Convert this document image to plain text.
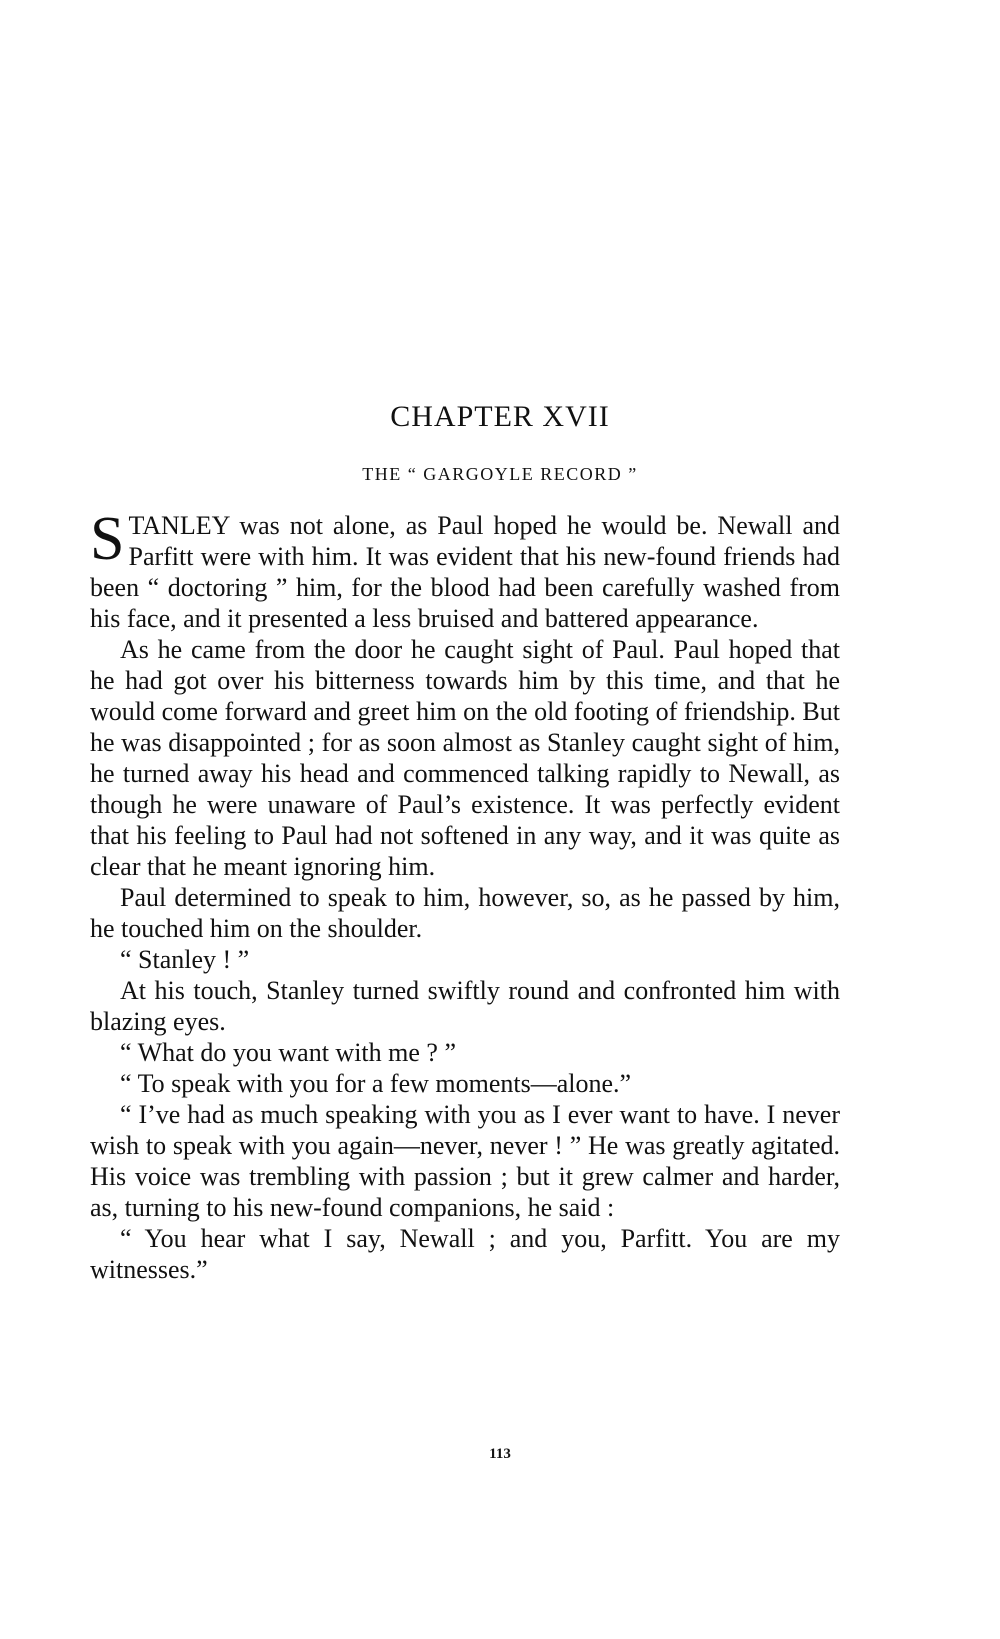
CHAPTER XVII
THE “ GARGOYLE RECORD ”

STANLEY was not alone, as Paul hoped he would be. Newall and Parfitt were with him. It was evident that his new-found friends had been “ doctoring ” him, for the blood had been carefully washed from his face, and it presented a less bruised and battered appearance.

As he came from the door he caught sight of Paul. Paul hoped that he had got over his bitterness towards him by this time, and that he would come forward and greet him on the old footing of friendship. But he was disappointed ; for as soon almost as Stanley caught sight of him, he turned away his head and commenced talking rapidly to Newall, as though he were unaware of Paul’s existence. It was perfectly evident that his feeling to Paul had not softened in any way, and it was quite as clear that he meant ignoring him.

Paul determined to speak to him, however, so, as he passed by him, he touched him on the shoulder.

“ Stanley ! ”

At his touch, Stanley turned swiftly round and confronted him with blazing eyes.

“ What do you want with me ? ”

“ To speak with you for a few moments—alone.”

“ I’ve had as much speaking with you as I ever want to have. I never wish to speak with you again—never, never ! ” He was greatly agitated. His voice was trembling with passion ; but it grew calmer and harder, as, turning to his new-found companions, he said :

“ You hear what I say, Newall ; and you, Parfitt. You are my witnesses.”

113
